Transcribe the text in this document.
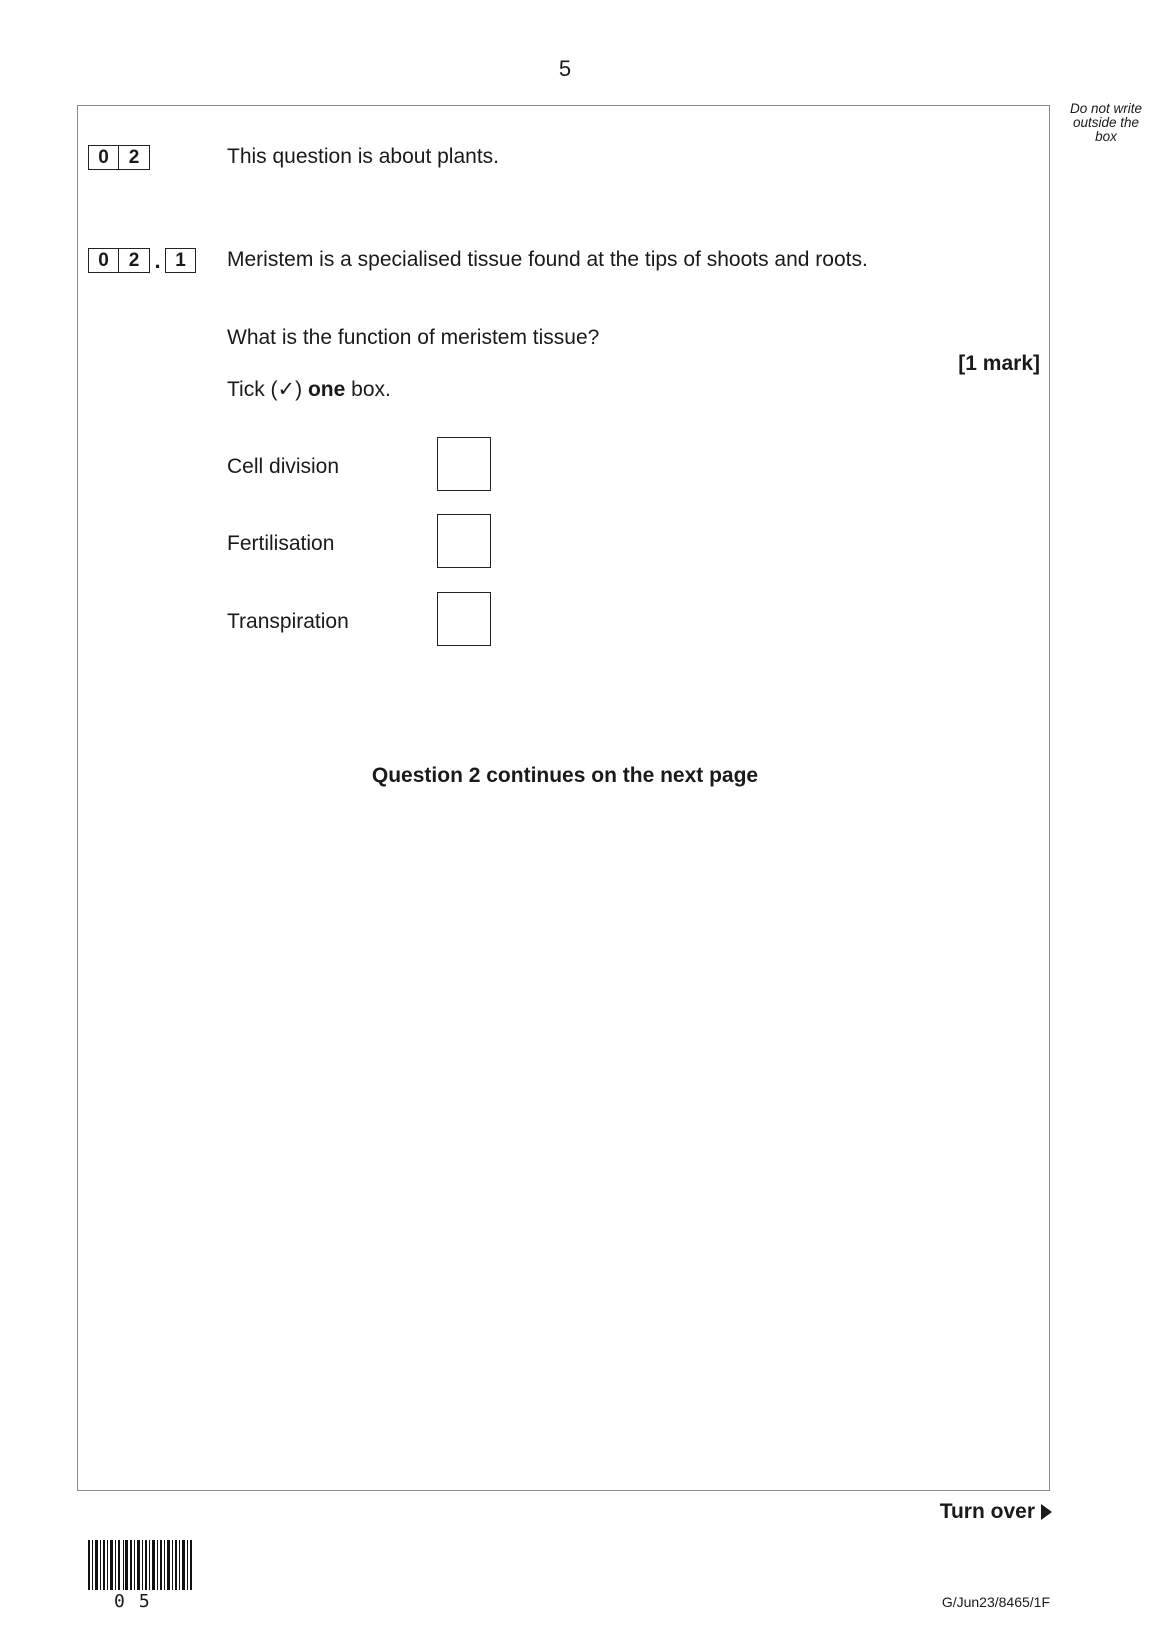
5
Do not write
outside the
box
0	2	This question is about plants.
0	2 . 1	Meristem is a specialised tissue found at the tips of shoots and roots.
What is the function of meristem tissue?
[1 mark]
Tick (✓) one box.
Cell division
Fertilisation
Transpiration
Question 2 continues on the next page
Turn over
05	G/Jun23/8465/1F
